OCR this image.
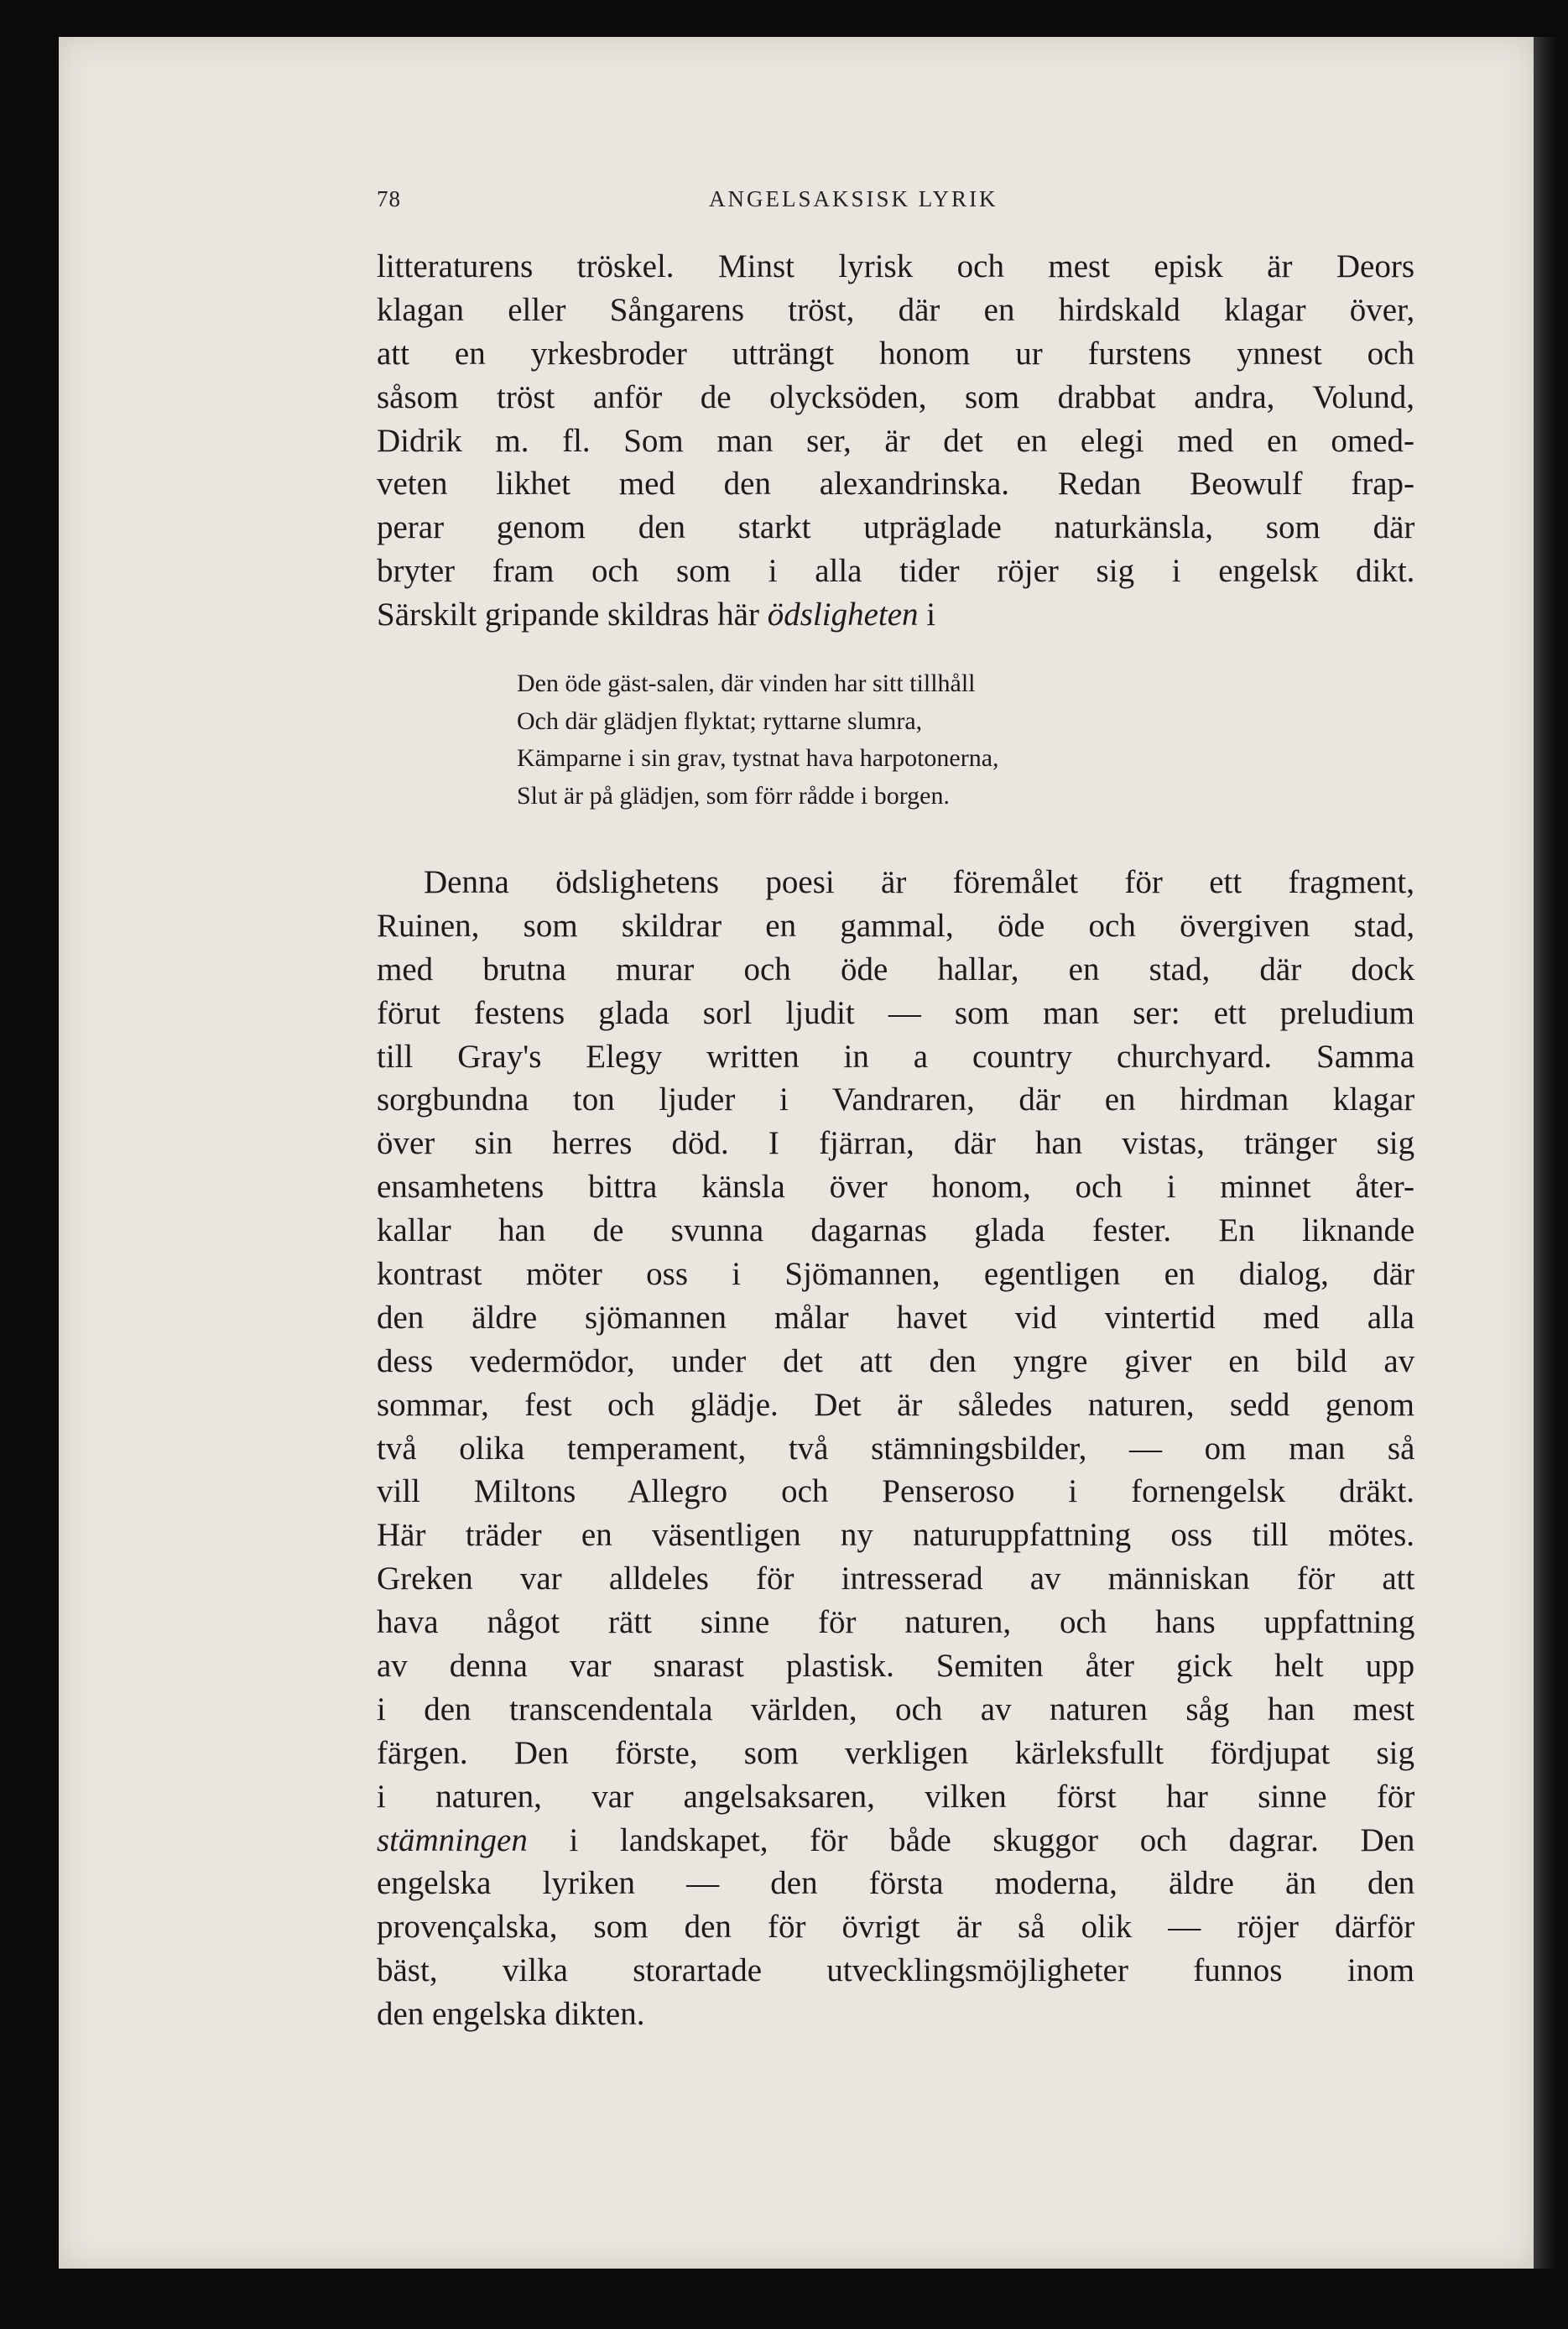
78	ANGELSAKSISK LYRIK
litteraturens tröskel. Minst lyrisk och mest episk är Deors
klagan eller Sångarens tröst, där en hirdskald klagar över,
att en yrkesbroder utträngt honom ur furstens ynnest och
såsom tröst anför de olycksöden, som drabbat andra, Volund,
Didrik m. fl. Som man ser, är det en elegi med en omed-
veten likhet med den alexandrinska. Redan Beowulf frap-
perar genom den starkt utpräglade naturkänsla, som där
bryter fram och som i alla tider röjer sig i engelsk dikt.
Särskilt gripande skildras här ödsligheten i
Den öde gäst-salen, där vinden har sitt tillhåll
Och där glädjen flyktat; ryttarne slumra,
Kämparne i sin grav, tystnat hava harpotonerna,
Slut är på glädjen, som förr rådde i borgen.
Denna ödslighetens poesi är föremålet för ett fragment,
Ruinen, som skildrar en gammal, öde och övergiven stad,
med brutna murar och öde hallar, en stad, där dock
förut festens glada sorl ljudit — som man ser: ett preludium
till Gray's Elegy written in a country churchyard. Samma
sorgbundna ton ljuder i Vandraren, där en hirdman klagar
över sin herres död. I fjärran, där han vistas, tränger sig
ensamhetens bittra känsla över honom, och i minnet åter-
kallar han de svunna dagarnas glada fester. En liknande
kontrast möter oss i Sjömannen, egentligen en dialog, där
den äldre sjömannen målar havet vid vintertid med alla
dess vedermödor, under det att den yngre giver en bild av
sommar, fest och glädje. Det är således naturen, sedd genom
två olika temperament, två stämningsbilder, — om man så
vill Miltons Allegro och Penseroso i fornengelsk dräkt.
Här träder en väsentligen ny naturuppfattning oss till mötes.
Greken var alldeles för intresserad av människan för att
hava något rätt sinne för naturen, och hans uppfattning
av denna var snarast plastisk. Semiten åter gick helt upp
i den transcendentala världen, och av naturen såg han mest
färgen. Den förste, som verkligen kärleksfullt fördjupat sig
i naturen, var angelsaksaren, vilken först har sinne för
stämningen i landskapet, för både skuggor och dagrar. Den
engelska lyriken — den första moderna, äldre än den
provençalska, som den för övrigt är så olik — röjer därför
bäst, vilka storartade utvecklingsmöjligheter funnos inom
den engelska dikten.
